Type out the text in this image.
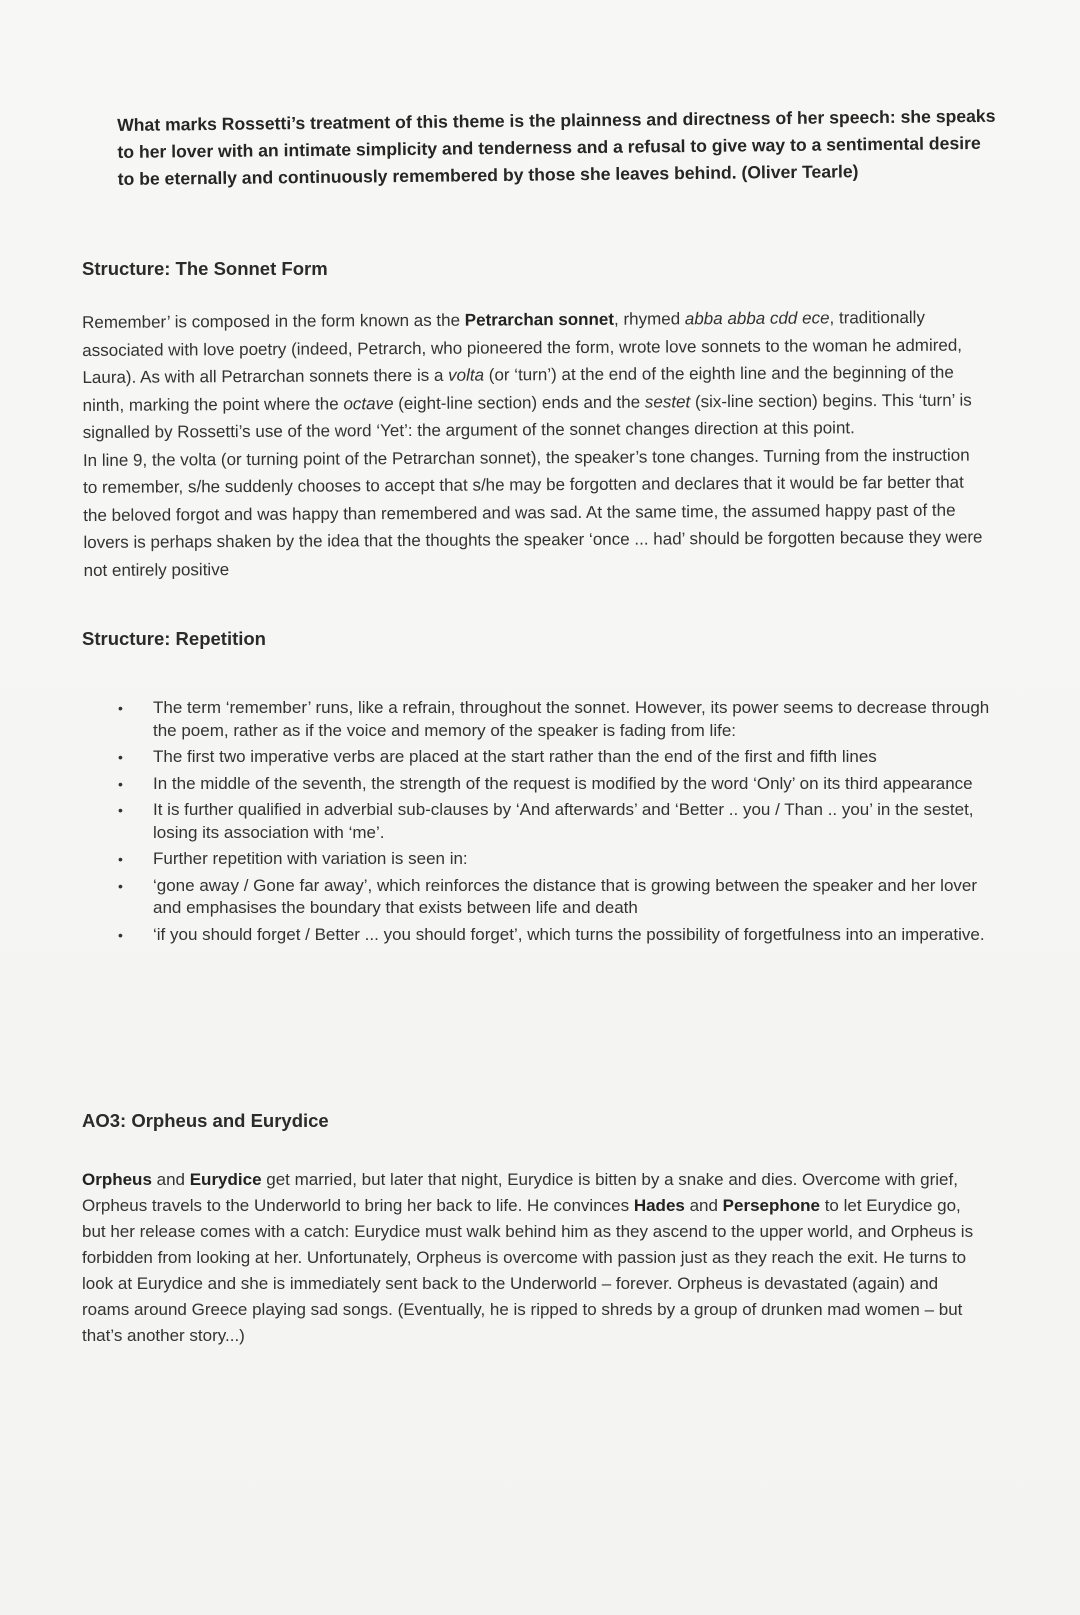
What marks Rossetti’s treatment of this theme is the plainness and directness of her speech: she speaks to her lover with an intimate simplicity and tenderness and a refusal to give way to a sentimental desire to be eternally and continuously remembered by those she leaves behind. (Oliver Tearle)
Structure: The Sonnet Form

Remember’ is composed in the form known as the Petrarchan sonnet, rhymed abba abba cdd ece, traditionally associated with love poetry (indeed, Petrarch, who pioneered the form, wrote love sonnets to the woman he admired, Laura). As with all Petrarchan sonnets there is a volta (or ‘turn’) at the end of the eighth line and the beginning of the ninth, marking the point where the octave (eight-line section) ends and the sestet (six-line section) begins. This ‘turn’ is signalled by Rossetti’s use of the word ‘Yet’: the argument of the sonnet changes direction at this point.

In line 9, the volta (or turning point of the Petrarchan sonnet), the speaker’s tone changes. Turning from the instruction to remember, s/he suddenly chooses to accept that s/he may be forgotten and declares that it would be far better that the beloved forgot and was happy than remembered and was sad. At the same time, the assumed happy past of the lovers is perhaps shaken by the idea that the thoughts the speaker ‘once ... had’ should be forgotten because they were not entirely positive

Structure: Repetition
• The term ‘remember’ runs, like a refrain, throughout the sonnet. However, its power seems to decrease through the poem, rather as if the voice and memory of the speaker is fading from life:
• The first two imperative verbs are placed at the start rather than the end of the first and fifth lines
• In the middle of the seventh, the strength of the request is modified by the word ‘Only’ on its third appearance
• It is further qualified in adverbial sub-clauses by ‘And afterwards’ and ‘Better .. you / Than .. you’ in the sestet, losing its association with ‘me’.
• Further repetition with variation is seen in:
• ‘gone away / Gone far away’, which reinforces the distance that is growing between the speaker and her lover and emphasises the boundary that exists between life and death
• ‘if you should forget / Better ... you should forget’, which turns the possibility of forgetfulness into an imperative.
AO3: Orpheus and Eurydice
Orpheus and Eurydice get married, but later that night, Eurydice is bitten by a snake and dies. Overcome with grief, Orpheus travels to the Underworld to bring her back to life. He convinces Hades and Persephone to let Eurydice go, but her release comes with a catch: Eurydice must walk behind him as they ascend to the upper world, and Orpheus is forbidden from looking at her. Unfortunately, Orpheus is overcome with passion just as they reach the exit. He turns to look at Eurydice and she is immediately sent back to the Underworld – forever. Orpheus is devastated (again) and roams around Greece playing sad songs. (Eventually, he is ripped to shreds by a group of drunken mad women – but that’s another story...)
